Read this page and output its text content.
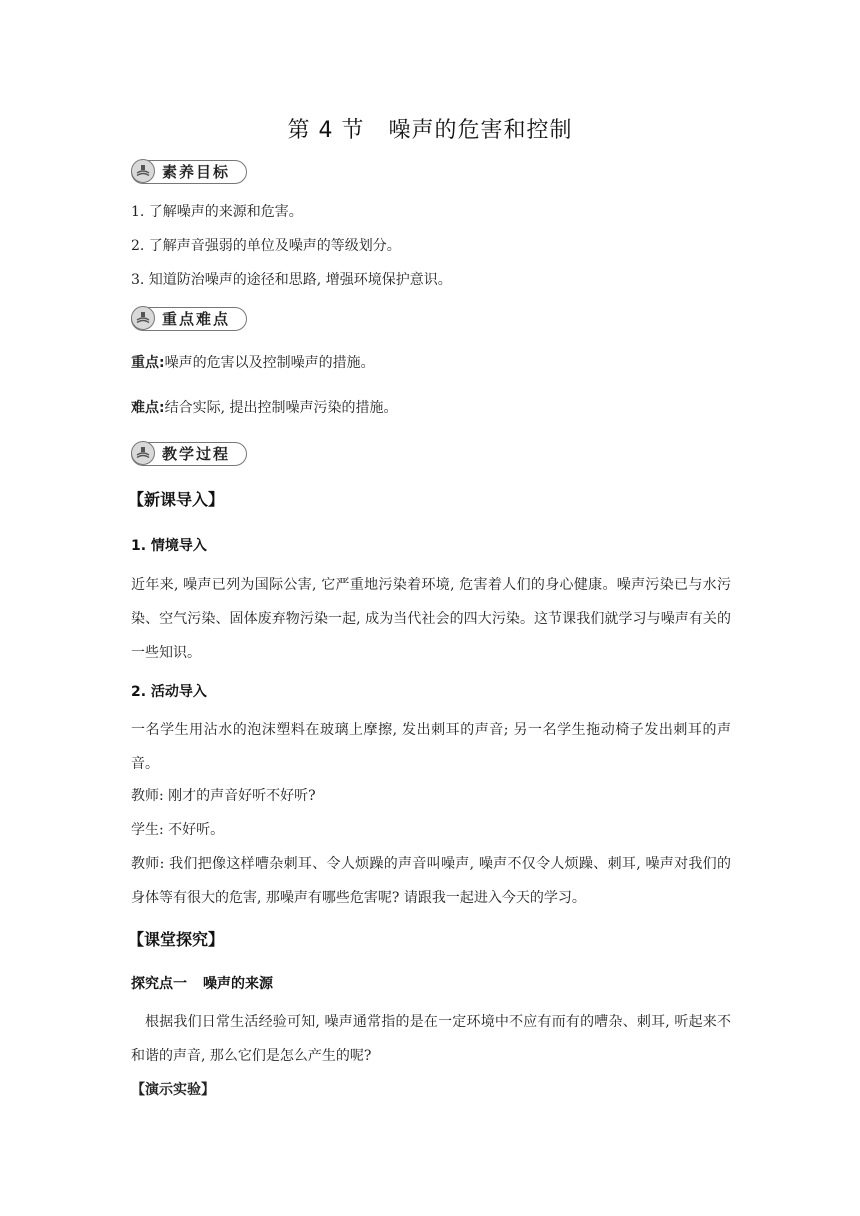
第 4 节 噪声的危害和控制
素养目标
1. 了解噪声的来源和危害。
2. 了解声音强弱的单位及噪声的等级划分。
3. 知道防治噪声的途径和思路, 增强环境保护意识。
重点难点
重点:噪声的危害以及控制噪声的措施。
难点:结合实际, 提出控制噪声污染的措施。
教学过程
【新课导入】
1. 情境导入
近年来, 噪声已列为国际公害, 它严重地污染着环境, 危害着人们的身心健康。噪声污染已与水污染、空气污染、固体废弃物污染一起, 成为当代社会的四大污染。这节课我们就学习与噪声有关的一些知识。
2. 活动导入
一名学生用沾水的泡沫塑料在玻璃上摩擦, 发出刺耳的声音; 另一名学生拖动椅子发出刺耳的声音。
教师: 刚才的声音好听不好听?
学生: 不好听。
教师: 我们把像这样嘈杂刺耳、令人烦躁的声音叫噪声, 噪声不仅令人烦躁、刺耳, 噪声对我们的身体等有很大的危害, 那噪声有哪些危害呢? 请跟我一起进入今天的学习。
【课堂探究】
探究点一 噪声的来源
根据我们日常生活经验可知, 噪声通常指的是在一定环境中不应有而有的嘈杂、刺耳, 听起来不和谐的声音, 那么它们是怎么产生的呢?
【演示实验】
